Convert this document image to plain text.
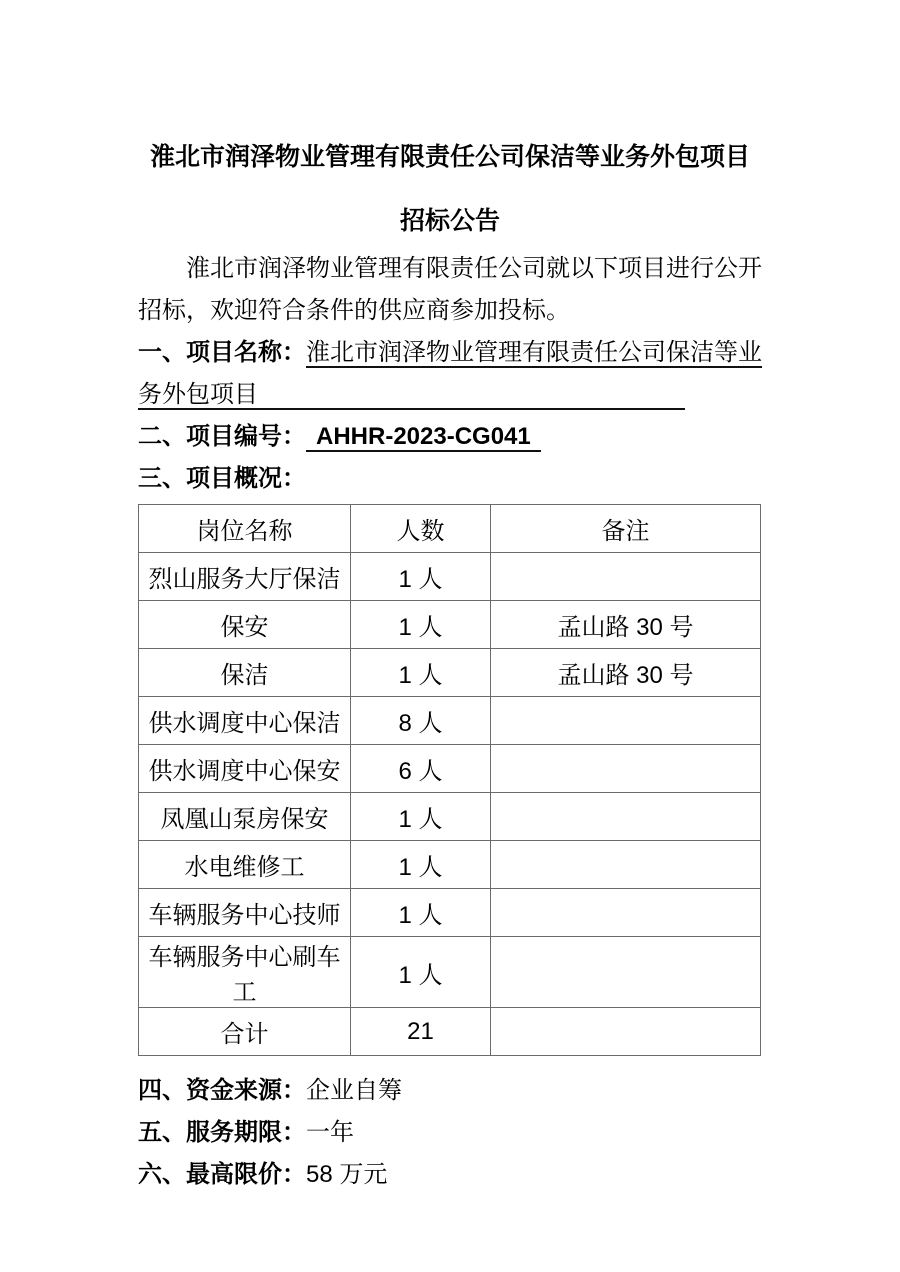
淮北市润泽物业管理有限责任公司保洁等业务外包项目
招标公告

淮北市润泽物业管理有限责任公司就以下项目进行公开招标，欢迎符合条件的供应商参加投标。

一、项目名称：淮北市润泽物业管理有限责任公司保洁等业
务外包项目
二、项目编号： AHHR-2023-CG041
三、项目概况：
岗位名称	人数	备注
烈山服务大厅保洁	1 人	
保安	1 人	孟山路 30 号
保洁	1 人	孟山路 30 号
供水调度中心保洁	8 人	
供水调度中心保安	6 人	
凤凰山泵房保安	1 人	
水电维修工	1 人	
车辆服务中心技师	1 人	
车辆服务中心刷车工	1 人	
合计	21	
四、资金来源：企业自筹
五、服务期限：一年
六、最高限价：58 万元
